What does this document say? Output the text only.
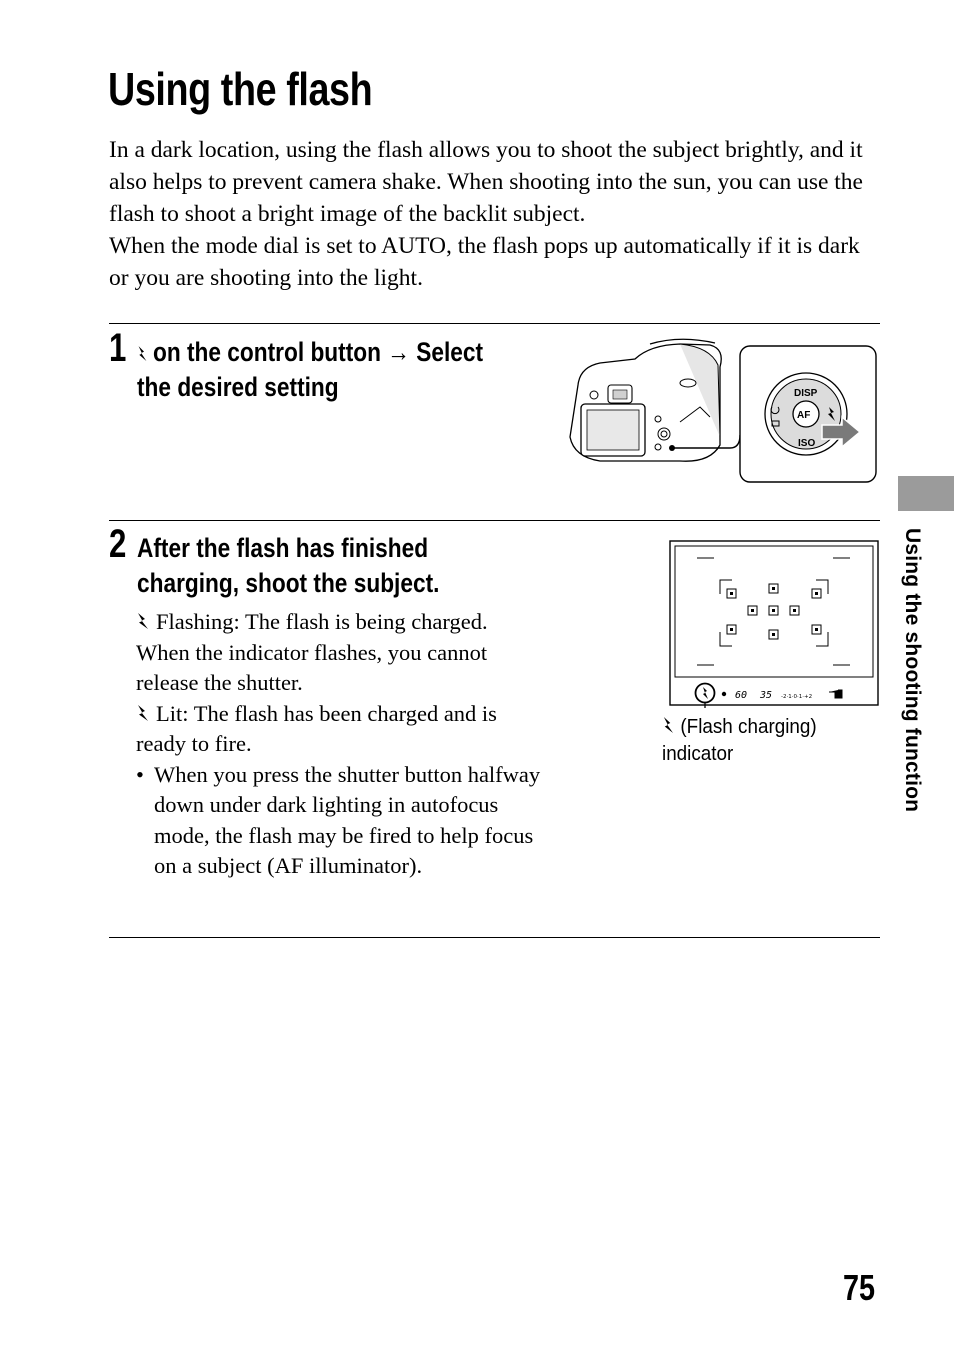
Using the flash

In a dark location, using the flash allows you to shoot the subject brightly, and it also helps to prevent camera shake. When shooting into the sun, you can use the flash to shoot a bright image of the backlit subject.

When the mode dial is set to AUTO, the flash pops up automatically if it is dark or you are shooting into the light.

1 on the control button → Select
the desired setting	DISP
AF
ISO
2 After the flash has finished
charging, shoot the subject.

Flashing: The flash is being charged. When the indicator flashes, you cannot release the shutter.

Lit: The flash has been charged and is ready to fire.

• When you press the shutter button halfway down under dark lighting in autofocus mode, the flash may be fired to help focus on a subject (AF illuminator).
60 35 -2·1·0·1·+2
(Flash charging)
indicator	Using the shooting function
75
